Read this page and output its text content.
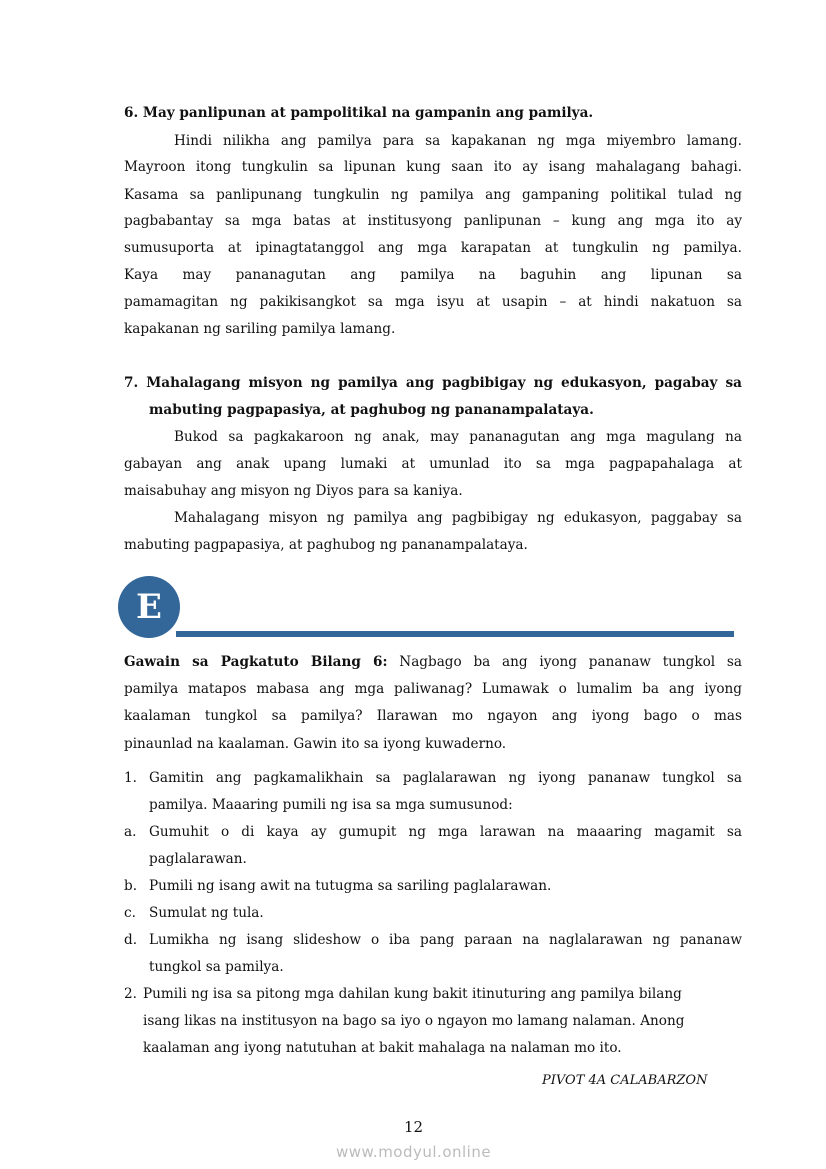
6. May panlipunan at pampolitikal na gampanin ang pamilya.
Hindi nilikha ang pamilya para sa kapakanan ng mga miyembro lamang.
Mayroon itong tungkulin sa lipunan kung saan ito ay isang mahalagang bahagi.
Kasama sa panlipunang tungkulin ng pamilya ang gampaning politikal tulad ng
pagbabantay sa mga batas at institusyong panlipunan – kung ang mga ito ay
sumusuporta at ipinagtatanggol ang mga karapatan at tungkulin ng pamilya.
Kaya may pananagutan ang pamilya na baguhin ang lipunan sa
pamamagitan ng pakikisangkot sa mga isyu at usapin – at hindi nakatuon sa
kapakanan ng sariling pamilya lamang.
7. Mahalagang misyon ng pamilya ang pagbibigay ng edukasyon, pagabay sa
mabuting pagpapasiya, at paghubog ng pananampalataya.
Bukod sa pagkakaroon ng anak, may pananagutan ang mga magulang na
gabayan ang anak upang lumaki at umunlad ito sa mga pagpapahalaga at
maisabuhay ang misyon ng Diyos para sa kaniya.
Mahalagang misyon ng pamilya ang pagbibigay ng edukasyon, paggabay sa
mabuting pagpapasiya, at paghubog ng pananampalataya.
E
Gawain sa Pagkatuto Bilang 6: Nagbago ba ang iyong pananaw tungkol sa
pamilya matapos mabasa ang mga paliwanag? Lumawak o lumalim ba ang iyong
kaalaman tungkol sa pamilya? Ilarawan mo ngayon ang iyong bago o mas
pinaunlad na kaalaman. Gawin ito sa iyong kuwaderno.
1. Gamitin ang pagkamalikhain sa paglalarawan ng iyong pananaw tungkol sa
pamilya. Maaaring pumili ng isa sa mga sumusunod:
a. Gumuhit o di kaya ay gumupit ng mga larawan na maaaring magamit sa
paglalarawan.
b. Pumili ng isang awit na tutugma sa sariling paglalarawan.
c. Sumulat ng tula.
d. Lumikha ng isang slideshow o iba pang paraan na naglalarawan ng pananaw
tungkol sa pamilya.
2. Pumili ng isa sa pitong mga dahilan kung bakit itinuturing ang pamilya bilang
isang likas na institusyon na bago sa iyo o ngayon mo lamang nalaman. Anong
kaalaman ang iyong natutuhan at bakit mahalaga na nalaman mo ito.
PIVOT 4A CALABARZON
12
www.modyul.online
